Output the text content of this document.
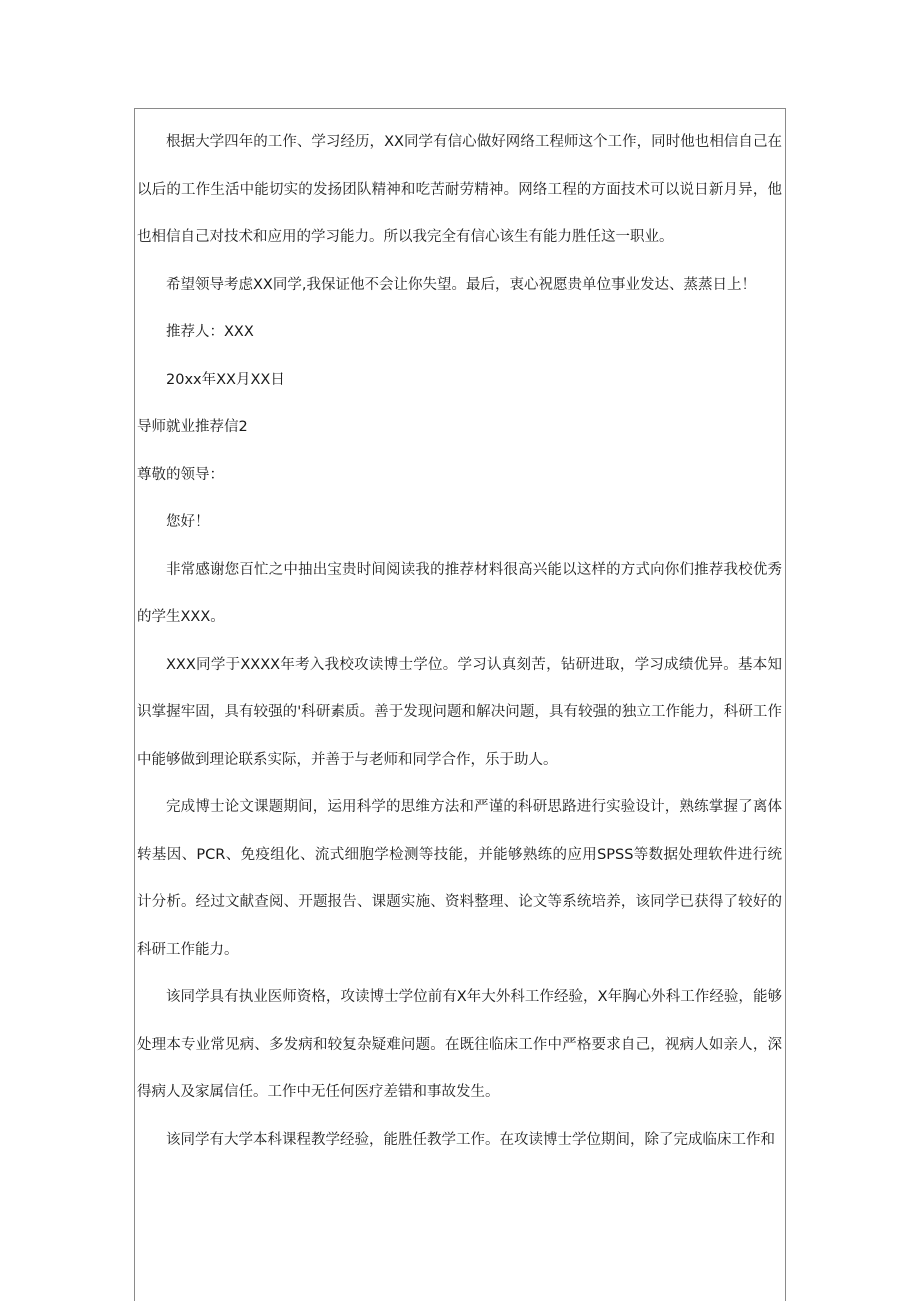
根据大学四年的工作、学习经历，XX同学有信心做好网络工程师这个工作，同时他也相信自己在以后的工作生活中能切实的发扬团队精神和吃苦耐劳精神。网络工程的方面技术可以说日新月异，他也相信自己对技术和应用的学习能力。所以我完全有信心该生有能力胜任这一职业。

希望领导考虑XX同学,我保证他不会让你失望。最后，衷心祝愿贵单位事业发达、蒸蒸日上！

推荐人：XXX

20xx年XX月XX日

导师就业推荐信2

尊敬的领导：

您好！

非常感谢您百忙之中抽出宝贵时间阅读我的推荐材料很高兴能以这样的方式向你们推荐我校优秀的学生XXX。

XXX同学于XXXX年考入我校攻读博士学位。学习认真刻苦，钻研进取，学习成绩优异。基本知识掌握牢固，具有较强的'科研素质。善于发现问题和解决问题，具有较强的独立工作能力，科研工作中能够做到理论联系实际，并善于与老师和同学合作，乐于助人。

完成博士论文课题期间，运用科学的思维方法和严谨的科研思路进行实验设计，熟练掌握了离体转基因、PCR、免疫组化、流式细胞学检测等技能，并能够熟练的应用SPSS等数据处理软件进行统计分析。经过文献查阅、开题报告、课题实施、资料整理、论文等系统培养，该同学已获得了较好的科研工作能力。

该同学具有执业医师资格，攻读博士学位前有X年大外科工作经验，X年胸心外科工作经验，能够处理本专业常见病、多发病和较复杂疑难问题。在既往临床工作中严格要求自己，视病人如亲人，深得病人及家属信任。工作中无任何医疗差错和事故发生。

该同学有大学本科课程教学经验，能胜任教学工作。在攻读博士学位期间，除了完成临床工作和
